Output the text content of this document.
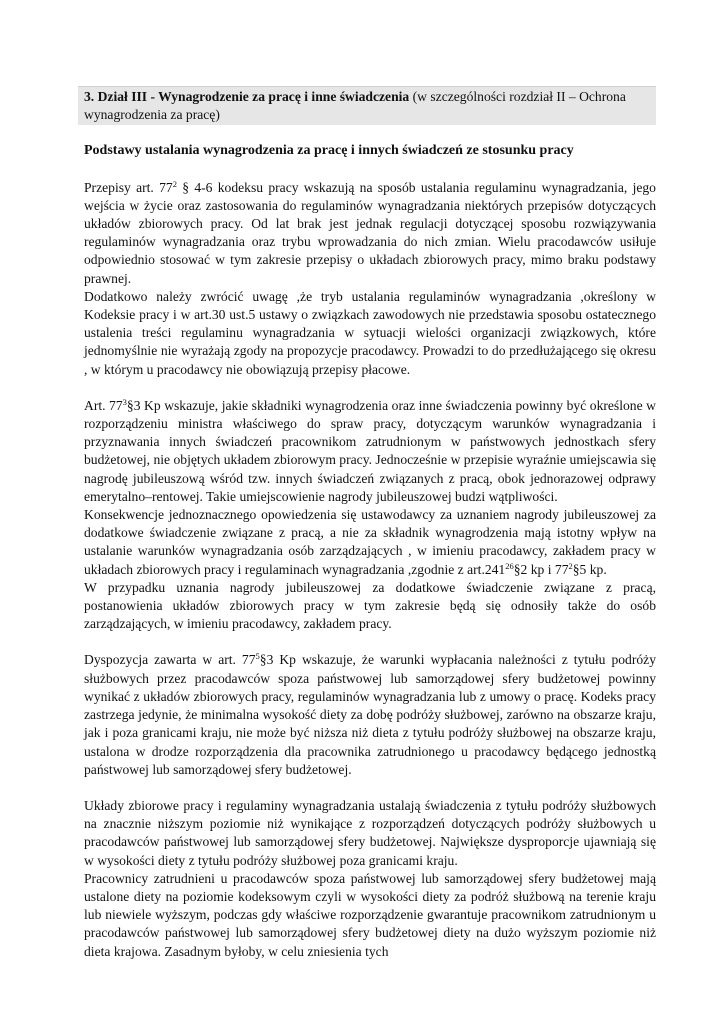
3. Dział III - Wynagrodzenie za pracę i inne świadczenia (w szczególności rozdział II – Ochrona wynagrodzenia za pracę)
Podstawy ustalania wynagrodzenia za pracę i innych świadczeń ze stosunku pracy

Przepisy art. $77^2$ § 4-6 kodeksu pracy wskazują na sposób ustalania regulaminu wynagradzania, jego wejścia w życie oraz zastosowania do regulaminów wynagradzania niektórych przepisów dotyczących układów zbiorowych pracy. Od lat brak jest jednak regulacji dotyczącej sposobu rozwiązywania regulaminów wynagradzania oraz trybu wprowadzania do nich zmian. Wielu pracodawców usiłuje odpowiednio stosować w tym zakresie przepisy o układach zbiorowych pracy, mimo braku podstawy prawnej.

Dodatkowo należy zwrócić uwagę ,że tryb ustalania regulaminów wynagradzania ,określony w Kodeksie pracy i w art.30 ust.5 ustawy o związkach zawodowych nie przedstawia sposobu ostatecznego ustalenia treści regulaminu wynagradzania w sytuacji wielości organizacji związkowych, które jednomyślnie nie wyrażają zgody na propozycje pracodawcy. Prowadzi to do przedłużającego się okresu , w którym u pracodawcy nie obowiązują przepisy płacowe.

Art. $77^3\S 3$ Kp wskazuje, jakie składniki wynagrodzenia oraz inne świadczenia powinny być określone w rozporządzeniu ministra właściwego do spraw pracy, dotyczącym warunków wynagradzania i przyznawania innych świadczeń pracownikom zatrudnionym w państwowych jednostkach sfery budżetowej, nie objętych układem zbiorowym pracy. Jednocześnie w przepisie wyraźnie umiejscawia się nagrodę jubileuszową wśród tzw. innych świadczeń związanych z pracą, obok jednorazowej odprawy emerytalno–rentowej. Takie umiejscowienie nagrody jubileuszowej budzi wątpliwości.

Konsekwencje jednoznacznego opowiedzenia się ustawodawcy za uznaniem nagrody jubileuszowej za dodatkowe świadczenie związane z pracą, a nie za składnik wynagrodzenia mają istotny wpływ na ustalanie warunków wynagradzania osób zarządzających , w imieniu pracodawcy, zakładem pracy w układach zbiorowych pracy i regulaminach wynagradzania ,zgodnie z art.241$^{26}$§2 kp i $77^2\S 5$ kp.

W przypadku uznania nagrody jubileuszowej za dodatkowe świadczenie związane z pracą, postanowienia układów zbiorowych pracy w tym zakresie będą się odnosiły także do osób zarządzających, w imieniu pracodawcy, zakładem pracy.

Dyspozycja zawarta w art. $77^5\S 3$ Kp wskazuje, że warunki wypłacania należności z tytułu podróży służbowych przez pracodawców spoza państwowej lub samorządowej sfery budżetowej powinny wynikać z układów zbiorowych pracy, regulaminów wynagradzania lub z umowy o pracę. Kodeks pracy zastrzega jedynie, że minimalna wysokość diety za dobę podróży służbowej, zarówno na obszarze kraju, jak i poza granicami kraju, nie może być niższa niż dieta z tytułu podróży służbowej na obszarze kraju, ustalona w drodze rozporządzenia dla pracownika zatrudnionego u pracodawcy będącego jednostką państwowej lub samorządowej sfery budżetowej.

Układy zbiorowe pracy i regulaminy wynagradzania ustalają świadczenia z tytułu podróży służbowych na znacznie niższym poziomie niż wynikające z rozporządzeń dotyczących podróży służbowych u pracodawców państwowej lub samorządowej sfery budżetowej. Największe dysproporcje ujawniają się w wysokości diety z tytułu podróży służbowej poza granicami kraju.

Pracownicy zatrudnieni u pracodawców spoza państwowej lub samorządowej sfery budżetowej mają ustalone diety na poziomie kodeksowym czyli w wysokości diety za podróż służbową na terenie kraju lub niewiele wyższym, podczas gdy właściwe rozporządzenie gwarantuje pracownikom zatrudnionym u pracodawców państwowej lub samorządowej sfery budżetowej diety na dużo wyższym poziomie niż dieta krajowa. Zasadnym byłoby, w celu zniesienia tych
